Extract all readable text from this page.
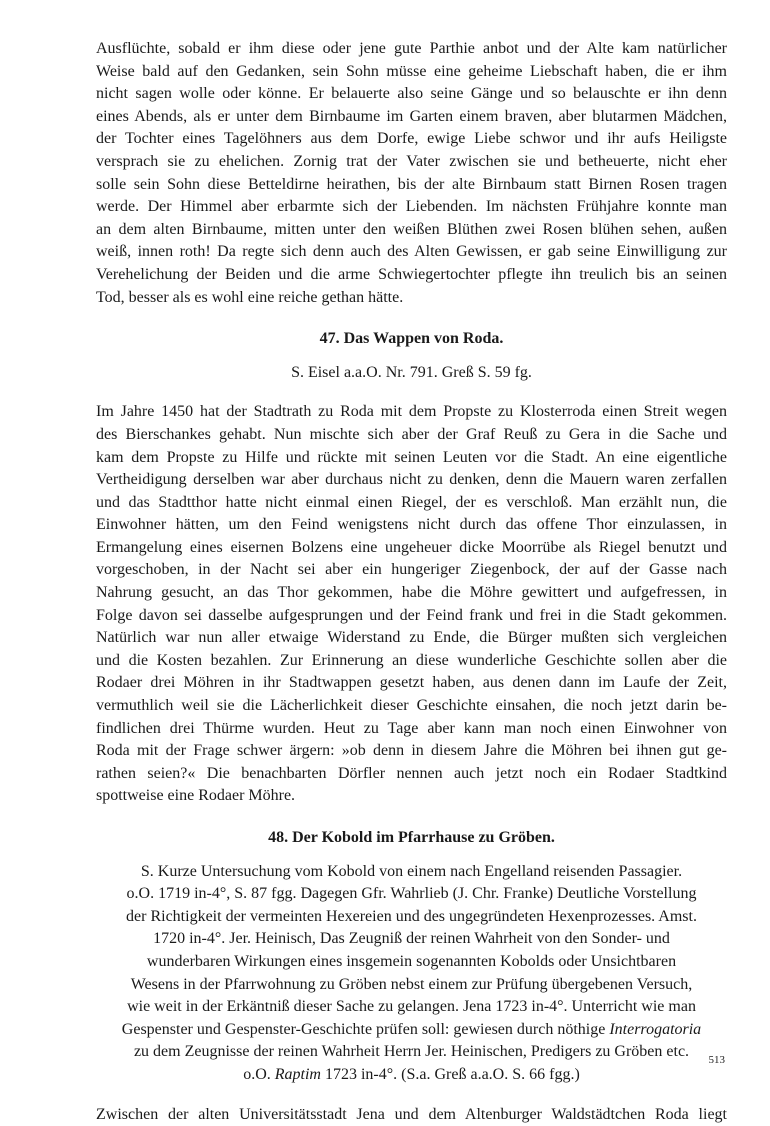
Ausflüchte, sobald er ihm diese oder jene gute Parthie anbot und der Alte kam natürlicher
Weise bald auf den Gedanken, sein Sohn müsse eine geheime Liebschaft haben, die er ihm
nicht sagen wolle oder könne. Er belauerte also seine Gänge und so belauschte er ihn denn
eines Abends, als er unter dem Birnbaume im Garten einem braven, aber blutarmen Mädchen,
der Tochter eines Tagelöhners aus dem Dorfe, ewige Liebe schwor und ihr aufs Heiligste
versprach sie zu ehelichen. Zornig trat der Vater zwischen sie und betheuerte, nicht eher
solle sein Sohn diese Betteldirne heirathen, bis der alte Birnbaum statt Birnen Rosen tragen
werde. Der Himmel aber erbarmte sich der Liebenden. Im nächsten Frühjahre konnte man
an dem alten Birnbaume, mitten unter den weißen Blüthen zwei Rosen blühen sehen, außen
weiß, innen roth! Da regte sich denn auch des Alten Gewissen, er gab seine Einwilligung zur
Verehelichung der Beiden und die arme Schwiegertochter pflegte ihn treulich bis an seinen
Tod, besser als es wohl eine reiche gethan hätte.

47. Das Wappen von Roda.

S. Eisel a.a.O. Nr. 791. Greß S. 59 fg.

Im Jahre 1450 hat der Stadtrath zu Roda mit dem Propste zu Klosterroda einen Streit wegen
des Bierschankes gehabt. Nun mischte sich aber der Graf Reuß zu Gera in die Sache und
kam dem Propste zu Hilfe und rückte mit seinen Leuten vor die Stadt. An eine eigentliche
Vertheidigung derselben war aber durchaus nicht zu denken, denn die Mauern waren zerfallen
und das Stadtthor hatte nicht einmal einen Riegel, der es verschloß. Man erzählt nun, die
Einwohner hätten, um den Feind wenigstens nicht durch das offene Thor einzulassen, in
Ermangelung eines eisernen Bolzens eine ungeheuer dicke Moorrübe als Riegel benutzt und
vorgeschoben, in der Nacht sei aber ein hungeriger Ziegenbock, der auf der Gasse nach
Nahrung gesucht, an das Thor gekommen, habe die Möhre gewittert und aufgefressen, in
Folge davon sei dasselbe aufgesprungen und der Feind frank und frei in die Stadt gekommen.
Natürlich war nun aller etwaige Widerstand zu Ende, die Bürger mußten sich vergleichen
und die Kosten bezahlen. Zur Erinnerung an diese wunderliche Geschichte sollen aber die
Rodaer drei Möhren in ihr Stadtwappen gesetzt haben, aus denen dann im Laufe der Zeit,
vermuthlich weil sie die Lächerlichkeit dieser Geschichte einsahen, die noch jetzt darin be-
findlichen drei Thürme wurden. Heut zu Tage aber kann man noch einen Einwohner von
Roda mit der Frage schwer ärgern: »ob denn in diesem Jahre die Möhren bei ihnen gut ge-
rathen seien?« Die benachbarten Dörfler nennen auch jetzt noch ein Rodaer Stadtkind
spottweise eine Rodaer Möhre.

48. Der Kobold im Pfarrhause zu Gröben.

S. Kurze Untersuchung vom Kobold von einem nach Engelland reisenden Passagier.
o.O. 1719 in-4°, S. 87 fgg. Dagegen Gfr. Wahrlieb (J. Chr. Franke) Deutliche Vorstellung
der Richtigkeit der vermeinten Hexereien und des ungegründeten Hexenprozesses. Amst.
1720 in-4°. Jer. Heinisch, Das Zeugniß der reinen Wahrheit von den Sonder- und
wunderbaren Wirkungen eines insgemein sogenannten Kobolds oder Unsichtbaren
Wesens in der Pfarrwohnung zu Gröben nebst einem zur Prüfung übergebenen Versuch,
wie weit in der Erkäntniß dieser Sache zu gelangen. Jena 1723 in-4°. Unterricht wie man
Gespenster und Gespenster-Geschichte prüfen soll: gewiesen durch nöthige Interrogatoria
zu dem Zeugnisse der reinen Wahrheit Herrn Jer. Heinischen, Predigers zu Gröben etc.
o.O. Raptim 1723 in-4°. (S.a. Greß a.a.O. S. 66 fgg.)

Zwischen der alten Universitätsstadt Jena und dem Altenburger Waldstädtchen Roda liegt

513
